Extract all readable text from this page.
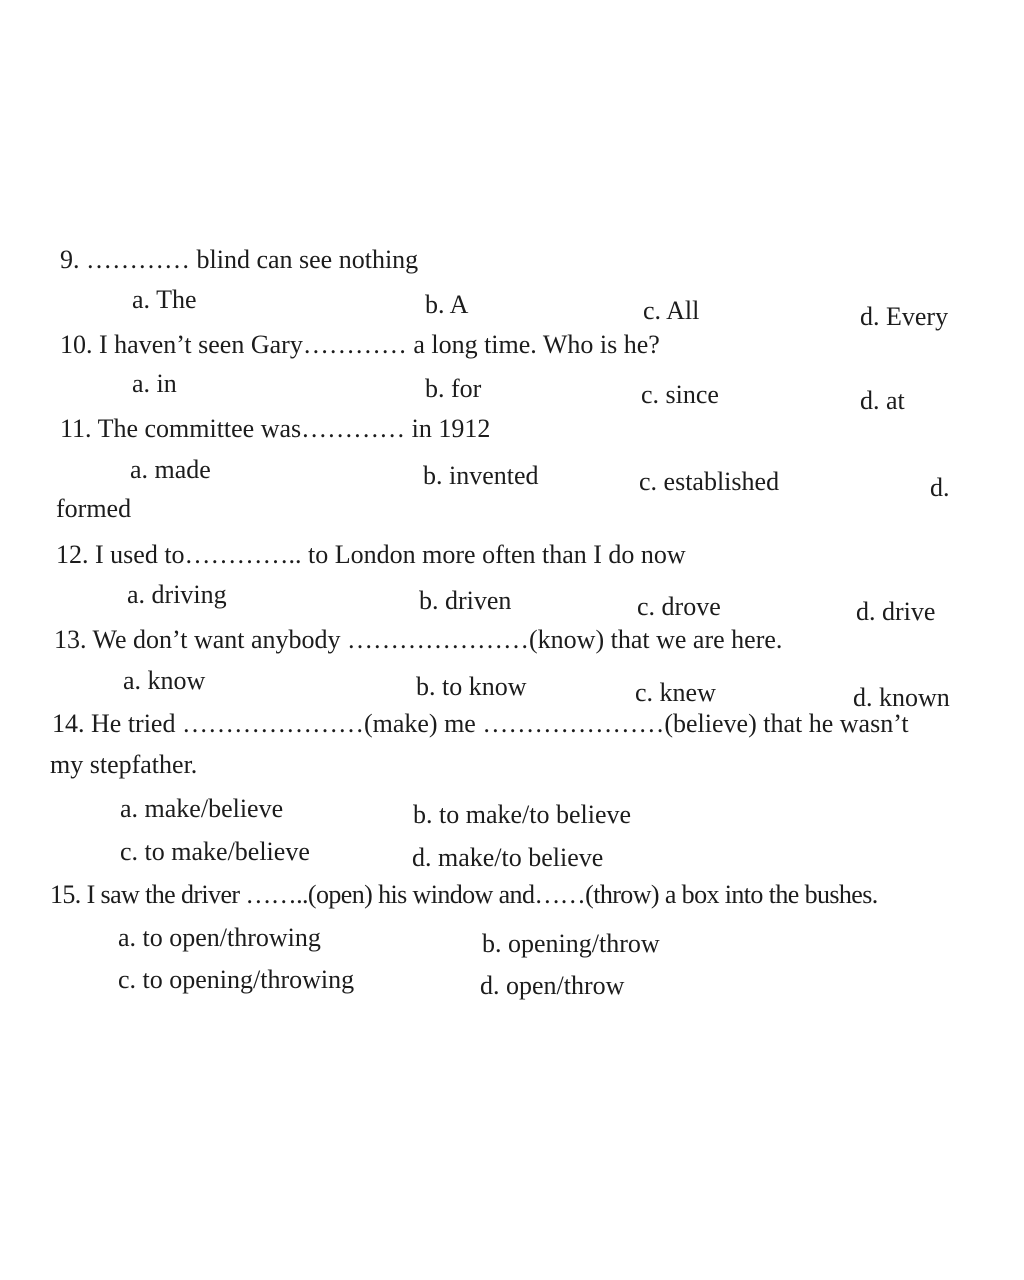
9. ………… blind can see nothing
a. The	b. A	c. All	d. Every
10. I haven’t seen Gary………… a long time. Who is he?
a. in	b. for	c. since	d. at
11. The committee was………… in 1912
a. made	b. invented	c. established	d.
formed
12. I used to………….. to London more often than I do now
a. driving	b. driven	c. drove	d. drive
13. We don’t want anybody …………………(know) that we are here.
a. know	b. to know	c. knew	d. known
14. He tried …………………(make) me …………………(believe) that he wasn’t
my stepfather.
a. make/believe	b. to make/to believe
c. to make/believe	d. make/to believe
15. I saw the driver ……..(open) his window and……(throw) a box into the bushes.
a. to open/throwing	b. opening/throw
c. to opening/throwing	d. open/throw
